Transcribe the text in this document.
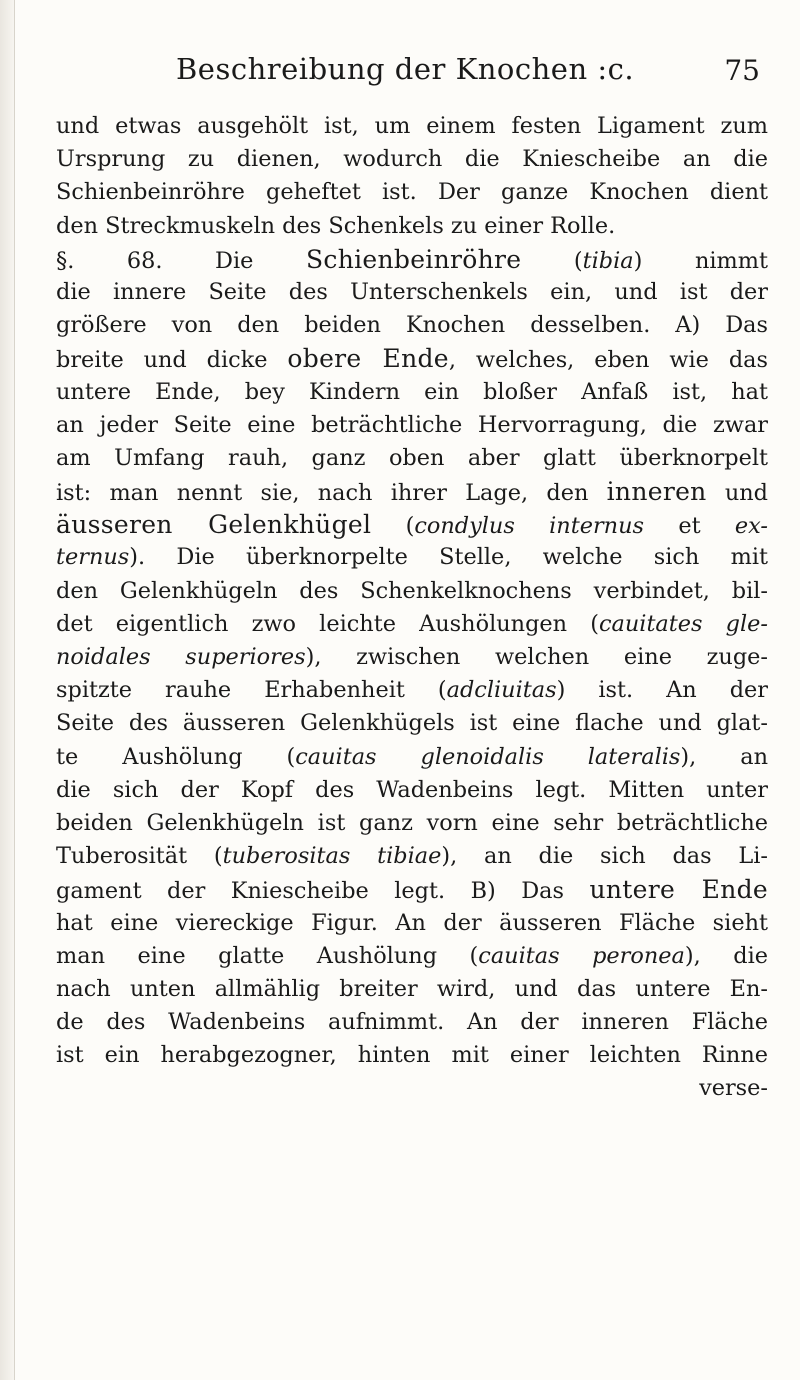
Beschreibung der Knochen :c.	75
und etwas ausgehölt ist, um einem festen Ligament zum
Ursprung zu dienen, wodurch die Kniescheibe an die
Schienbeinröhre geheftet ist. Der ganze Knochen dient
den Streckmuskeln des Schenkels zu einer Rolle.
§. 68. Die Schienbeinröhre (tibia) nimmt
die innere Seite des Unterschenkels ein, und ist der
größere von den beiden Knochen desselben. A) Das
breite und dicke obere Ende, welches, eben wie das
untere Ende, bey Kindern ein bloßer Anfaß ist, hat
an jeder Seite eine beträchtliche Hervorragung, die zwar
am Umfang rauh, ganz oben aber glatt überknorpelt
ist: man nennt sie, nach ihrer Lage, den inneren und
äusseren Gelenkhügel (condylus internus et ex-
ternus). Die überknorpelte Stelle, welche sich mit
den Gelenkhügeln des Schenkelknochens verbindet, bil-
det eigentlich zwo leichte Aushölungen (cauitates gle-
noidales superiores), zwischen welchen eine zuge-
spitzte rauhe Erhabenheit (adcliuitas) ist. An der
Seite des äusseren Gelenkhügels ist eine flache und glat-
te Aushölung (cauitas glenoidalis lateralis), an
die sich der Kopf des Wadenbeins legt. Mitten unter
beiden Gelenkhügeln ist ganz vorn eine sehr beträchtliche
Tuberosität (tuberositas tibiae), an die sich das Li-
gament der Kniescheibe legt. B) Das untere Ende
hat eine viereckige Figur. An der äusseren Fläche sieht
man eine glatte Aushölung (cauitas peronea), die
nach unten allmählig breiter wird, und das untere En-
de des Wadenbeins aufnimmt. An der inneren Fläche
ist ein herabgezogner, hinten mit einer leichten Rinne
verse-
